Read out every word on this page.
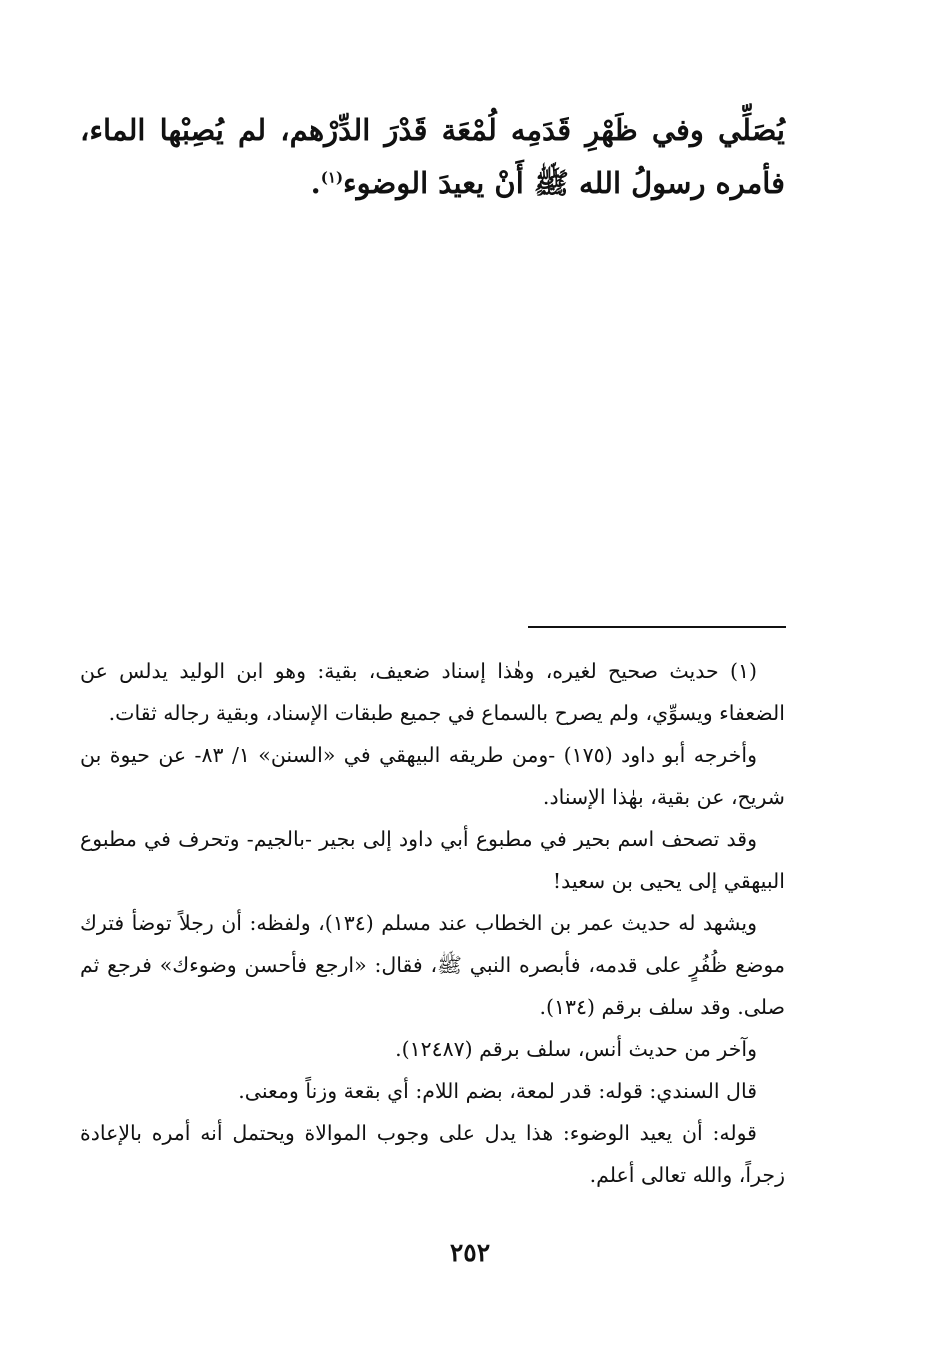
يُصَلِّي وفي ظَهْرِ قَدَمِه لُمْعَة قَدْرَ الدِّرْهم، لم يُصِبْها الماء، فأمره رسولُ الله ﷺ أَنْ يعيدَ الوضوء$^{(١)}$.

(١) حديث صحيح لغيره، وهٰذا إسناد ضعيف، بقية: وهو ابن الوليد يدلس عن الضعفاء ويسوِّي، ولم يصرح بالسماع في جميع طبقات الإسناد، وبقية رجاله ثقات.

وأخرجه أبو داود (١٧٥) -ومن طريقه البيهقي في «السنن» ١/ ٨٣- عن حيوة بن شريح، عن بقية، بهٰذا الإسناد.

وقد تصحف اسم بحير في مطبوع أبي داود إلى بجير -بالجيم- وتحرف في مطبوع البيهقي إلى يحيى بن سعيد!

ويشهد له حديث عمر بن الخطاب عند مسلم (١٣٤)، ولفظه: أن رجلاً توضأ فترك موضع ظُفُرٍ على قدمه، فأبصره النبي ﷺ، فقال: «ارجع فأحسن وضوءك» فرجع ثم صلى. وقد سلف برقم (١٣٤).

وآخر من حديث أنس، سلف برقم (١٢٤٨٧).

قال السندي: قوله: قدر لمعة، بضم اللام: أي بقعة وزناً ومعنى.

قوله: أن يعيد الوضوء: هذا يدل على وجوب الموالاة ويحتمل أنه أمره بالإعادة زجراً، والله تعالى أعلم.

٢٥٢
